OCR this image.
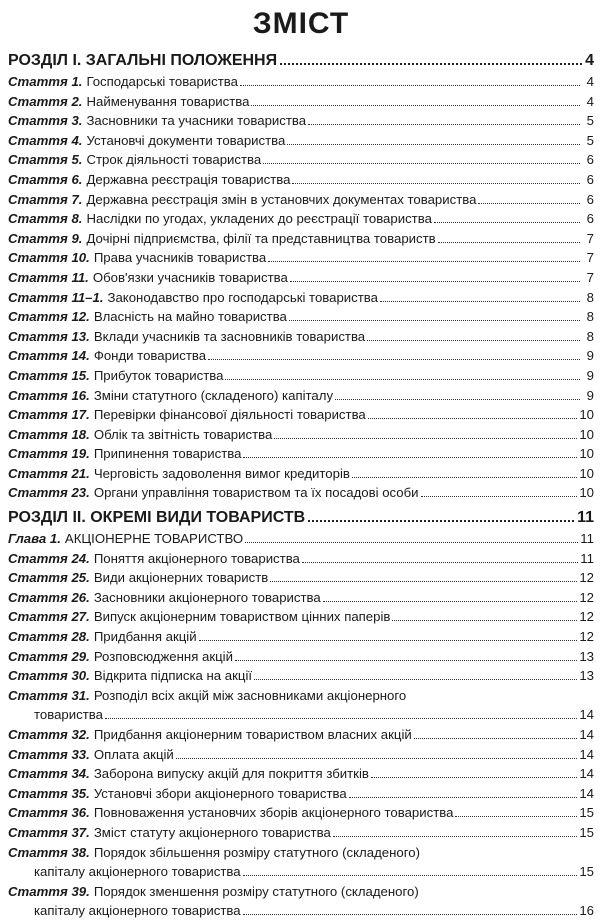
ЗМІСТ
РОЗДІЛ I. ЗАГАЛЬНІ ПОЛОЖЕННЯ	4
Стаття 1. Господарські товариства	4
Стаття 2. Найменування товариства	4
Стаття 3. Засновники та учасники товариства	5
Стаття 4. Установчі документи товариства	5
Стаття 5. Строк діяльності товариства	6
Стаття 6. Державна реєстрація товариства	6
Стаття 7. Державна реєстрація змін в установчих документах товариства	6
Стаття 8. Наслідки по угодах, укладених до реєстрації товариства	6
Стаття 9. Дочірні підприємства, філії та представництва товариств	7
Стаття 10. Права учасників товариства	7
Стаття 11. Обов'язки учасників товариства	7
Стаття 11–1. Законодавство про господарські товариства	8
Стаття 12. Власність на майно товариства	8
Стаття 13. Вклади учасників та засновників товариства	8
Стаття 14. Фонди товариства	9
Стаття 15. Прибуток товариства	9
Стаття 16. Зміни статутного (складеного) капіталу	9
Стаття 17. Перевірки фінансової діяльності товариства	10
Стаття 18. Облік та звітність товариства	10
Стаття 19. Припинення товариства	10
Стаття 21. Черговість задоволення вимог кредиторів	10
Стаття 23. Органи управління товариством та їх посадові особи	10
РОЗДІЛ II. ОКРЕМІ ВИДИ ТОВАРИСТВ	11
Глава 1. АКЦІОНЕРНЕ ТОВАРИСТВО	11
Стаття 24. Поняття акціонерного товариства	11
Стаття 25. Види акціонерних товариств	12
Стаття 26. Засновники акціонерного товариства	12
Стаття 27. Випуск акціонерним товариством цінних паперів	12
Стаття 28. Придбання акцій	12
Стаття 29. Розповсюдження акцій	13
Стаття 30. Відкрита підписка на акції	13
Стаття 31. Розподіл всіх акцій між засновниками акціонерного
товариства	14
Стаття 32. Придбання акціонерним товариством власних акцій	14
Стаття 33. Оплата акцій	14
Стаття 34. Заборона випуску акцій для покриття збитків	14
Стаття 35. Установчі збори акціонерного товариства	14
Стаття 36. Повноваження установчих зборів акціонерного товариства	15
Стаття 37. Зміст статуту акціонерного товариства	15
Стаття 38. Порядок збільшення розміру статутного (складеного)
капіталу акціонерного товариства	15
Стаття 39. Порядок зменшення розміру статутного (складеного)
капіталу акціонерного товариства	16
